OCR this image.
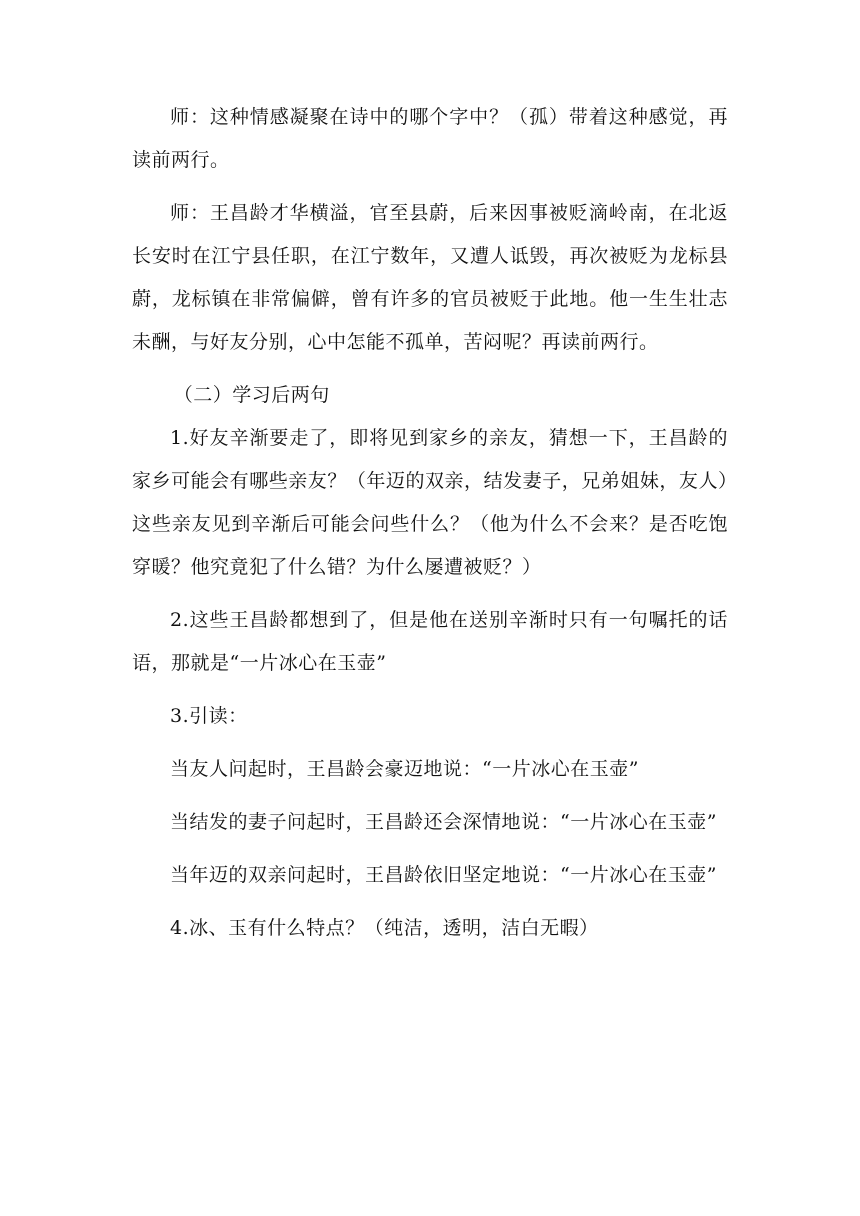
师：这种情感凝聚在诗中的哪个字中？（孤）带着这种感觉，再读前两行。

师：王昌龄才华横溢，官至县蔚，后来因事被贬滴岭南，在北返长安时在江宁县任职，在江宁数年，又遭人诋毁，再次被贬为龙标县蔚，龙标镇在非常偏僻，曾有许多的官员被贬于此地。他一生生壮志未酬，与好友分别，心中怎能不孤单，苦闷呢？再读前两行。

（二）学习后两句

1.好友辛渐要走了，即将见到家乡的亲友，猜想一下，王昌龄的家乡可能会有哪些亲友？（年迈的双亲，结发妻子，兄弟姐妹，友人）这些亲友见到辛渐后可能会问些什么？（他为什么不会来？是否吃饱穿暖？他究竟犯了什么错？为什么屡遭被贬？）

2.这些王昌龄都想到了，但是他在送别辛渐时只有一句嘱托的话语，那就是“一片冰心在玉壶”

3.引读：

当友人问起时，王昌龄会豪迈地说：“一片冰心在玉壶”

当结发的妻子问起时，王昌龄还会深情地说：“一片冰心在玉壶”

当年迈的双亲问起时，王昌龄依旧坚定地说：“一片冰心在玉壶”

4.冰、玉有什么特点？（纯洁，透明，洁白无暇）
